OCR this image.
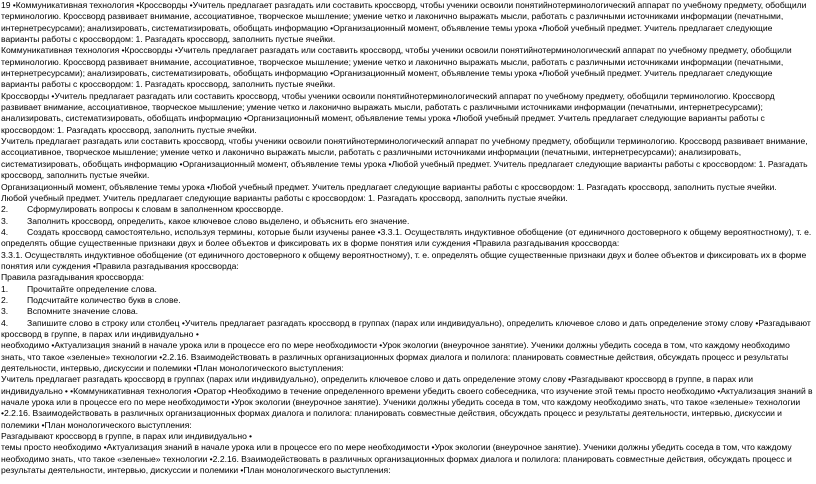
19 •Коммуникативная технология •Кроссворды •Учитель предлагает разгадать или составить кроссворд, чтобы ученики освоили понятийнотерминологический аппарат по учебному предмету, обобщили терминологию. Кроссворд развивает внимание, ассоциативное, творческое мышление; умение четко и лаконично выражать мысли, работать с различными источниками информации (печатными, интернетресурсами); анализировать, систематизировать, обобщать информацию •Организационный момент, объявление темы урока •Любой учебный предмет. Учитель предлагает следующие варианты работы с кроссвордом: 1. Разгадать кроссворд, заполнить пустые ячейки.

Коммуникативная технология •Кроссворды •Учитель предлагает разгадать или составить кроссворд, чтобы ученики освоили понятийнотерминологический аппарат по учебному предмету, обобщили терминологию. Кроссворд развивает внимание, ассоциативное, творческое мышление; умение четко и лаконично выражать мысли, работать с различными источниками информации (печатными, интернетресурсами); анализировать, систематизировать, обобщать информацию •Организационный момент, объявление темы урока •Любой учебный предмет. Учитель предлагает следующие варианты работы с кроссвордом: 1. Разгадать кроссворд, заполнить пустые ячейки.

Кроссворды •Учитель предлагает разгадать или составить кроссворд, чтобы ученики освоили понятийнотерминологический аппарат по учебному предмету, обобщили терминологию. Кроссворд развивает внимание, ассоциативное, творческое мышление; умение четко и лаконично выражать мысли, работать с различными источниками информации (печатными, интернетресурсами); анализировать, систематизировать, обобщать информацию •Организационный момент, объявление темы урока •Любой учебный предмет. Учитель предлагает следующие варианты работы с кроссвордом: 1. Разгадать кроссворд, заполнить пустые ячейки.

Учитель предлагает разгадать или составить кроссворд, чтобы ученики освоили понятийнотерминологический аппарат по учебному предмету, обобщили терминологию. Кроссворд развивает внимание, ассоциативное, творческое мышление; умение четко и лаконично выражать мысли, работать с различными источниками информации (печатными, интернетресурсами); анализировать, систематизировать, обобщать информацию •Организационный момент, объявление темы урока •Любой учебный предмет. Учитель предлагает следующие варианты работы с кроссвордом: 1. Разгадать кроссворд, заполнить пустые ячейки.

Организационный момент, объявление темы урока •Любой учебный предмет. Учитель предлагает следующие варианты работы с кроссвордом: 1. Разгадать кроссворд, заполнить пустые ячейки.

Любой учебный предмет. Учитель предлагает следующие варианты работы с кроссвордом: 1. Разгадать кроссворд, заполнить пустые ячейки.

2.	Сформулировать вопросы к словам в заполненном кроссворде.
3.	Заполнить кроссворд, определить, какое ключевое слово выделено, и объяснить его значение.
4. Создать кроссворд самостоятельно, используя термины, которые были изучены ранее •3.3.1. Осуществлять индуктивное обобщение (от единичного достоверного к общему вероятностному), т. е. определять общие существенные признаки двух и более объектов и фиксировать их в форме понятия или суждения •Правила разгадывания кроссворда:

3.3.1. Осуществлять индуктивное обобщение (от единичного достоверного к общему вероятностному), т. е. определять общие существенные признаки двух и более объектов и фиксировать их в форме понятия или суждения •Правила разгадывания кроссворда:

Правила разгадывания кроссворда:

1.	Прочитайте определение слова.
2.	Подсчитайте количество букв в слове.
3.	Вспомните значение слова.
4. Запишите слово в строку или столбец •Учитель предлагает разгадать кроссворд в группах (парах или индивидуально), определить ключевое слово и дать определение этому слову •Разгадывают кроссворд в группе, в парах или индивидуально •

необходимо •Актуализация знаний в начале урока или в процессе его по мере необходимости •Урок экологии (внеурочное занятие). Ученики должны убедить соседа в том, что каждому необходимо знать, что такое «зеленые» технологии •2.2.16. Взаимодействовать в различных организационных формах диалога и полилога: планировать совместные действия, обсуждать процесс и результаты деятельности, интервью, дискуссии и полемики •План монологического выступления:

Учитель предлагает разгадать кроссворд в группах (парах или индивидуально), определить ключевое слово и дать определение этому слову •Разгадывают кроссворд в группе, в парах или индивидуально • •Коммуникативная технология •Оратор •Необходимо в течение определенного времени убедить своего собеседника, что изучение этой темы просто необходимо •Актуализация знаний в начале урока или в процессе его по мере необходимости •Урок экологии (внеурочное занятие). Ученики должны убедить соседа в том, что каждому необходимо знать, что такое «зеленые» технологии •2.2.16. Взаимодействовать в различных организационных формах диалога и полилога: планировать совместные действия, обсуждать процесс и результаты деятельности, интервью, дискуссии и полемики •План монологического выступления:

Разгадывают кроссворд в группе, в парах или индивидуально •

темы просто необходимо •Актуализация знаний в начале урока или в процессе его по мере необходимости •Урок экологии (внеурочное занятие). Ученики должны убедить соседа в том, что каждому необходимо знать, что такое «зеленые» технологии •2.2.16. Взаимодействовать в различных организационных формах диалога и полилога: планировать совместные действия, обсуждать процесс и результаты деятельности, интервью, дискуссии и полемики •План монологического выступления:
